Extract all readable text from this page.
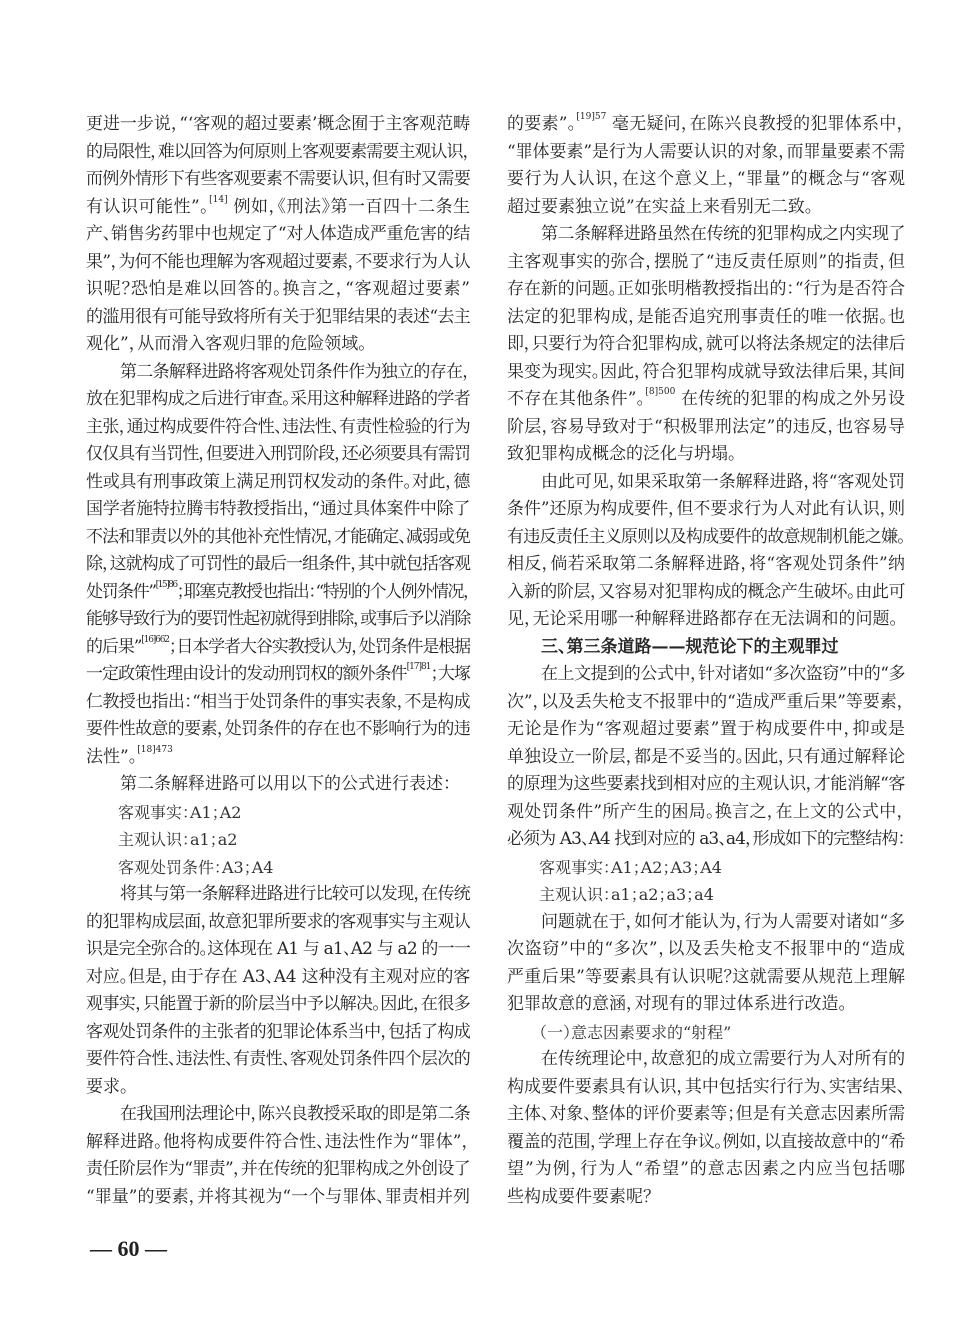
更进一步说，“‘客观的超过要素’概念囿于主客观范畴
的局限性，难以回答为何原则上客观要素需要主观认识，
而例外情形下有些客观要素不需要认识，但有时又需要
有认识可能性”。[14] 例如，《刑法》第一百四十二条生
产、销售劣药罪中也规定了“对人体造成严重危害的结
果”，为何不能也理解为客观超过要素，不要求行为人认
识呢？恐怕是难以回答的。换言之，“客观超过要素”
的滥用很有可能导致将所有关于犯罪结果的表述“去主
观化”，从而滑入客观归罪的危险领域。
第二条解释进路将客观处罚条件作为独立的存在，
放在犯罪构成之后进行审查。采用这种解释进路的学者
主张，通过构成要件符合性、违法性、有责性检验的行为
仅仅具有当罚性，但要进入刑罚阶段，还必须要具有需罚
性或具有刑事政策上满足刑罚权发动的条件。对此，德
国学者施特拉腾韦特教授指出，“通过具体案件中除了
不法和罪责以外的其他补充性情况，才能确定、减弱或免
除，这就构成了可罚性的最后一组条件，其中就包括客观
处罚条件”$^{[15]86}$；耶塞克教授也指出：“特别的个人例外情况，
能够导致行为的要罚性起初就得到排除，或事后予以消除
的后果”$^{[16]662}$；日本学者大谷实教授认为，处罚条件是根据
一定政策性理由设计的发动刑罚权的额外条件$^{[17]81}$；大塚
仁教授也指出：“相当于处罚条件的事实表象，不是构成
要件性故意的要素，处罚条件的存在也不影响行为的违
法性”。$^{[18]473}$
第二条解释进路可以用以下的公式进行表述：
客观事实：A1；A2
主观认识：a1；a2
客观处罚条件：A3；A4
将其与第一条解释进路进行比较可以发现，在传统
的犯罪构成层面，故意犯罪所要求的客观事实与主观认
识是完全弥合的。这体现在 A1 与 a1、A2 与 a2 的一一
对应。但是，由于存在 A3、A4 这种没有主观对应的客
观事实，只能置于新的阶层当中予以解决。因此，在很多
客观处罚条件的主张者的犯罪论体系当中，包括了构成
要件符合性、违法性、有责性、客观处罚条件四个层次的
要求。
在我国刑法理论中，陈兴良教授采取的即是第二条
解释进路。他将构成要件符合性、违法性作为“罪体”，
责任阶层作为“罪责”，并在传统的犯罪构成之外创设了
“罪量”的要素，并将其视为“一个与罪体、罪责相并列
的要素”。$^{[19]57}$ 毫无疑问，在陈兴良教授的犯罪体系中，
“罪体要素”是行为人需要认识的对象，而罪量要素不需
要行为人认识，在这个意义上，“罪量”的概念与“客观
超过要素独立说”在实益上来看别无二致。
第二条解释进路虽然在传统的犯罪构成之内实现了
主客观事实的弥合，摆脱了“违反责任原则”的指责，但
存在新的问题。正如张明楷教授指出的：“行为是否符合
法定的犯罪构成，是能否追究刑事责任的唯一依据。也
即，只要行为符合犯罪构成，就可以将法条规定的法律后
果变为现实。因此，符合犯罪构成就导致法律后果，其间
不存在其他条件”。$^{[8]500}$ 在传统的犯罪的构成之外另设
阶层，容易导致对于“积极罪刑法定”的违反，也容易导
致犯罪构成概念的泛化与坍塌。
由此可见，如果采取第一条解释进路，将“客观处罚
条件”还原为构成要件，但不要求行为人对此有认识，则
有违反责任主义原则以及构成要件的故意规制机能之嫌。
相反，倘若采取第二条解释进路，将“客观处罚条件”纳
入新的阶层，又容易对犯罪构成的概念产生破坏。由此可
见，无论采用哪一种解释进路都存在无法调和的问题。
三、第三条道路——规范论下的主观罪过
在上文提到的公式中，针对诸如“多次盗窃”中的“多
次”，以及丢失枪支不报罪中的“造成严重后果”等要素，
无论是作为“客观超过要素”置于构成要件中，抑或是
单独设立一阶层，都是不妥当的。因此，只有通过解释论
的原理为这些要素找到相对应的主观认识，才能消解“客
观处罚条件”所产生的困局。换言之，在上文的公式中，
必须为 A3、A4 找到对应的 a3、a4，形成如下的完整结构：
客观事实：A1；A2；A3；A4
主观认识：a1；a2；a3；a4
问题就在于，如何才能认为，行为人需要对诸如“多
次盗窃”中的“多次”，以及丢失枪支不报罪中的“造成
严重后果”等要素具有认识呢？这就需要从规范上理解
犯罪故意的意涵，对现有的罪过体系进行改造。
（一）意志因素要求的“射程”
在传统理论中，故意犯的成立需要行为人对所有的
构成要件要素具有认识，其中包括实行行为、实害结果、
主体、对象、整体的评价要素等；但是有关意志因素所需
覆盖的范围，学理上存在争议。例如，以直接故意中的“希
望”为例，行为人“希望”的意志因素之内应当包括哪
些构成要件要素呢？
— 60 —
